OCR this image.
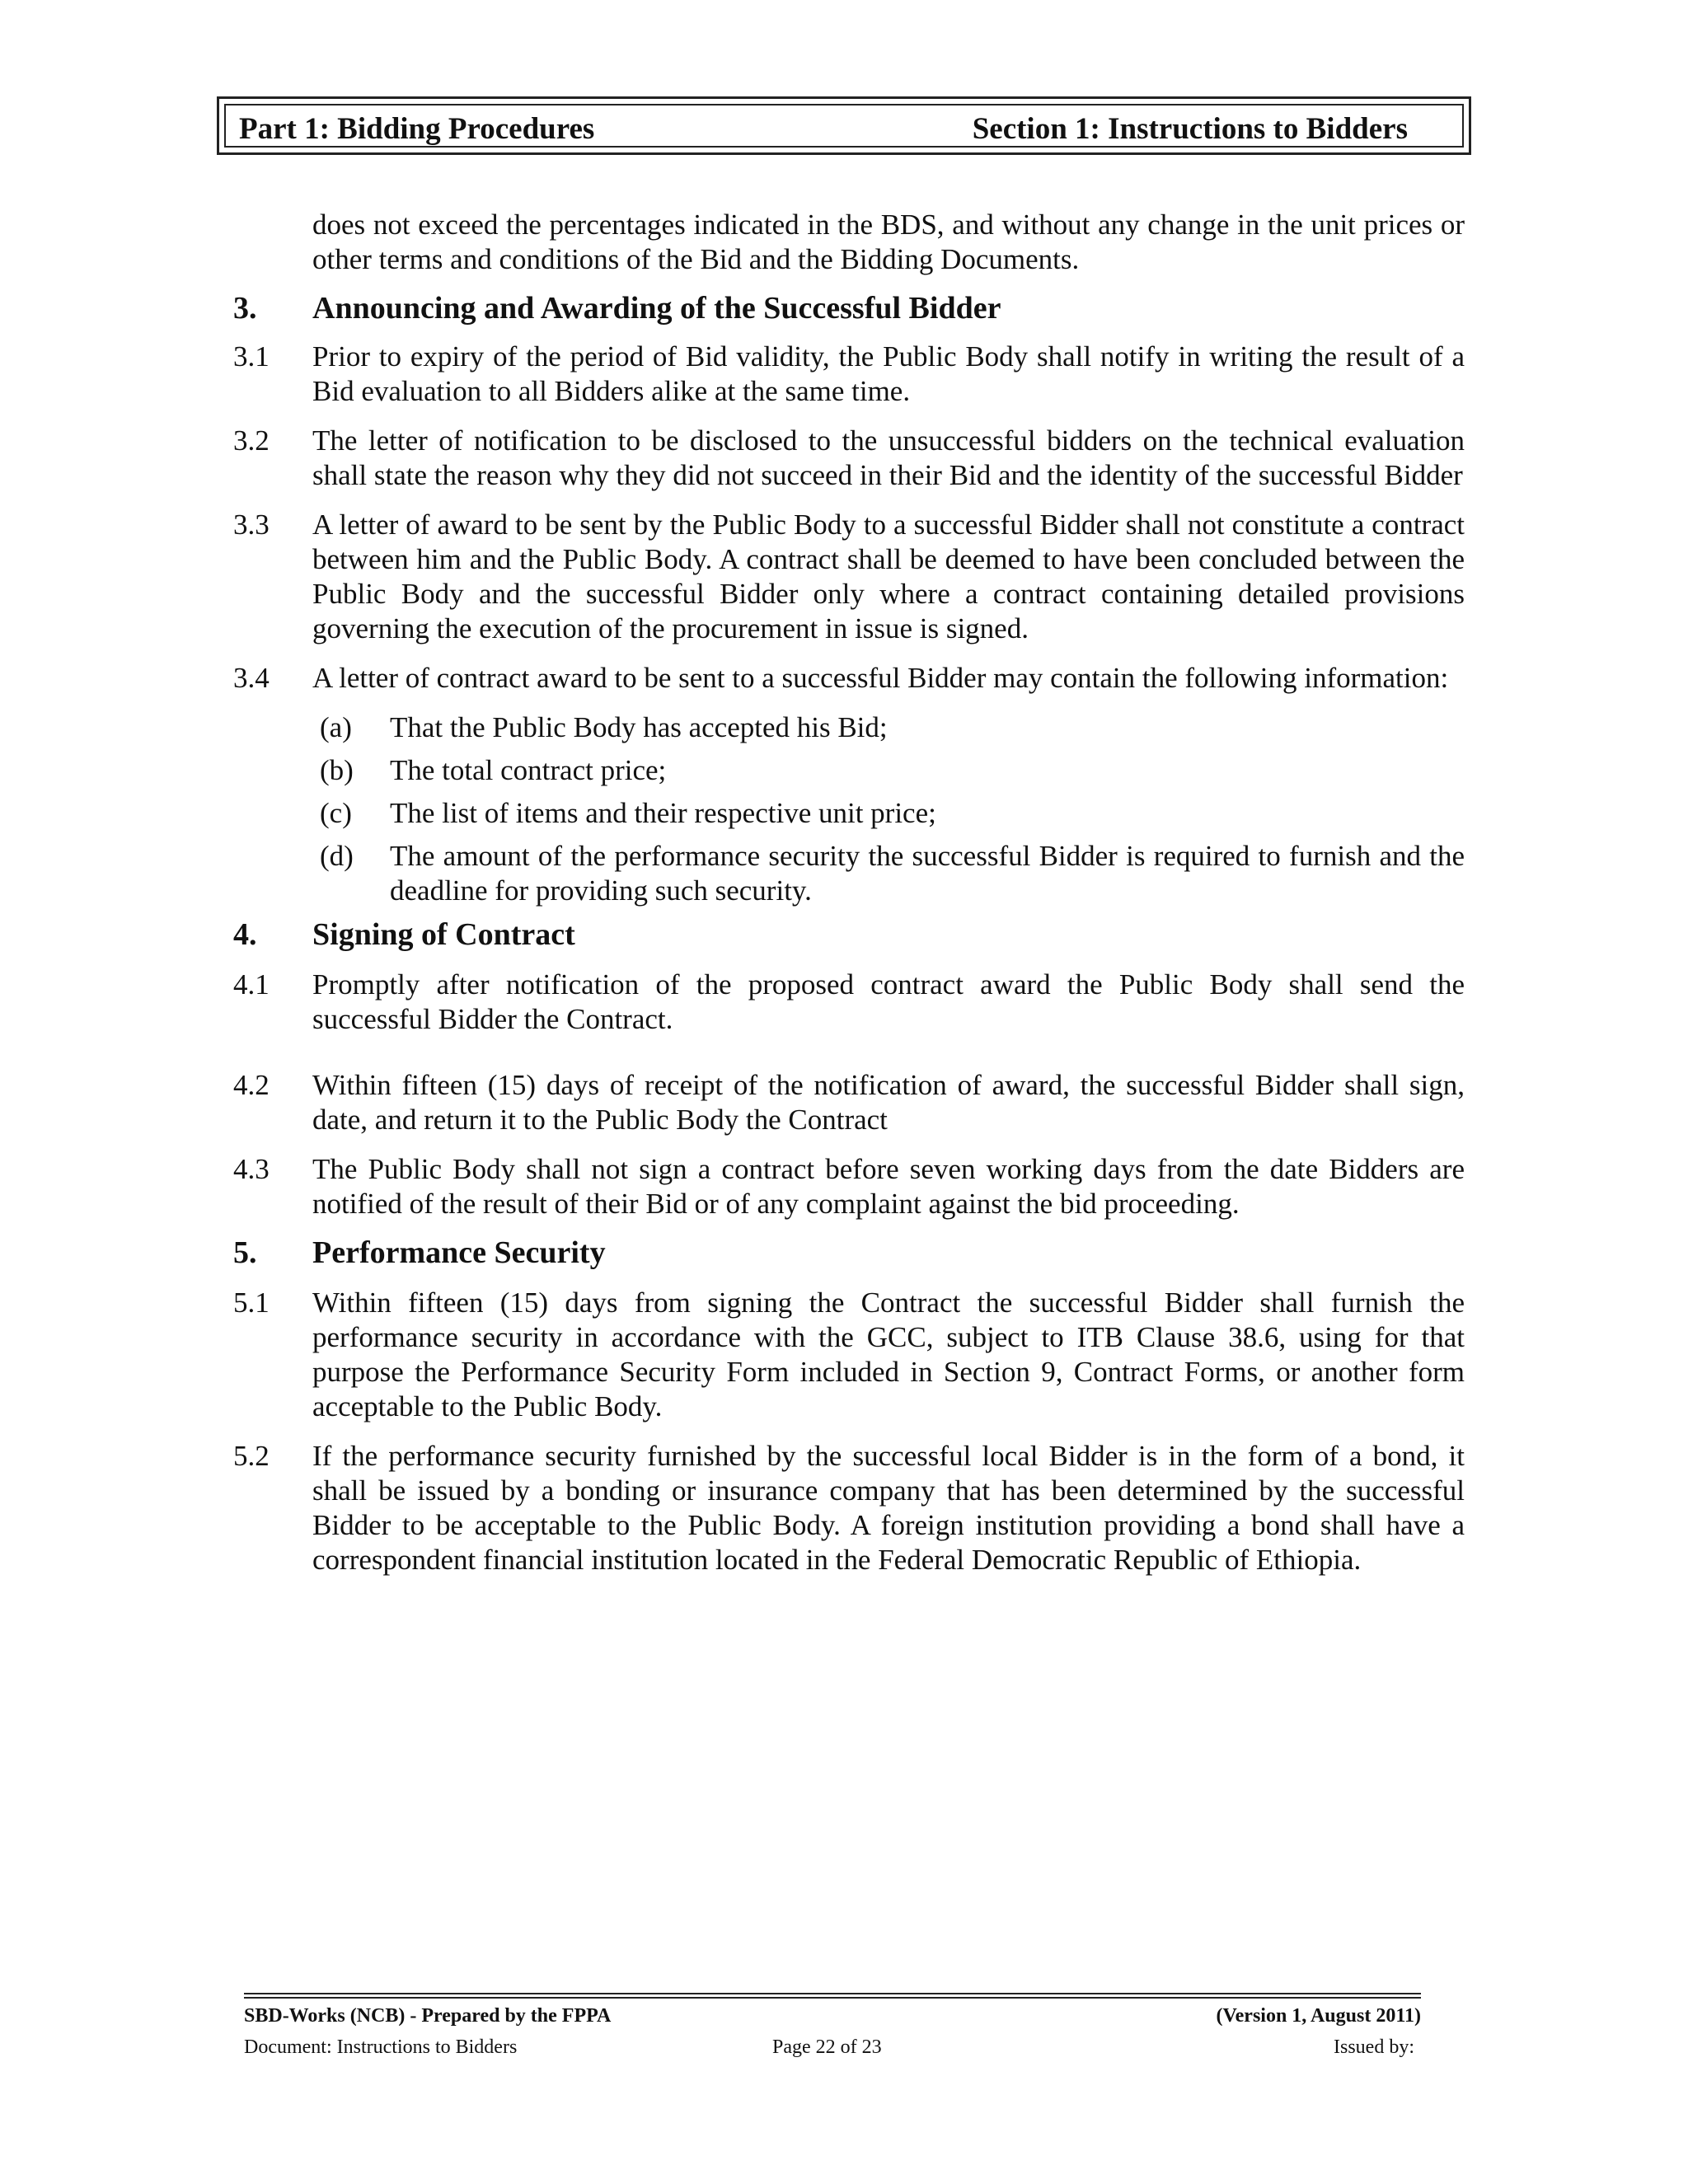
Part 1: Bidding Procedures	Section 1: Instructions to Bidders

does not exceed the percentages indicated in the BDS, and without any change in the unit prices or other terms and conditions of the Bid and the Bidding Documents.

3.	Announcing and Awarding of the Successful Bidder
3.1	Prior to expiry of the period of Bid validity, the Public Body shall notify in writing the result of a Bid evaluation to all Bidders alike at the same time.
3.2	The letter of notification to be disclosed to the unsuccessful bidders on the technical evaluation shall state the reason why they did not succeed in their Bid and the identity of the successful Bidder
3.3	A letter of award to be sent by the Public Body to a successful Bidder shall not constitute a contract between him and the Public Body. A contract shall be deemed to have been concluded between the Public Body and the successful Bidder only where a contract containing detailed provisions governing the execution of the procurement in issue is signed.
3.4	A letter of contract award to be sent to a successful Bidder may contain the following information:
(a)	That the Public Body has accepted his Bid;
(b)	The total contract price;
(c)	The list of items and their respective unit price;
(d)	The amount of the performance security the successful Bidder is required to furnish and the deadline for providing such security.
4.	Signing of Contract
4.1	Promptly after notification of the proposed contract award the Public Body shall send the successful Bidder the Contract.
4.2	Within fifteen (15) days of receipt of the notification of award, the successful Bidder shall sign, date, and return it to the Public Body the Contract
4.3	The Public Body shall not sign a contract before seven working days from the date Bidders are notified of the result of their Bid or of any complaint against the bid proceeding.
5.	Performance Security
5.1	Within fifteen (15) days from signing the Contract the successful Bidder shall furnish the performance security in accordance with the GCC, subject to ITB Clause 38.6, using for that purpose the Performance Security Form included in Section 9, Contract Forms, or another form acceptable to the Public Body.
5.2	If the performance security furnished by the successful local Bidder is in the form of a bond, it shall be issued by a bonding or insurance company that has been determined by the successful Bidder to be acceptable to the Public Body. A foreign institution providing a bond shall have a correspondent financial institution located in the Federal Democratic Republic of Ethiopia.
SBD-Works (NCB) - Prepared by the FPPA	(Version 1, August 2011)
Document: Instructions to Bidders	Page 22 of 23	Issued by:
